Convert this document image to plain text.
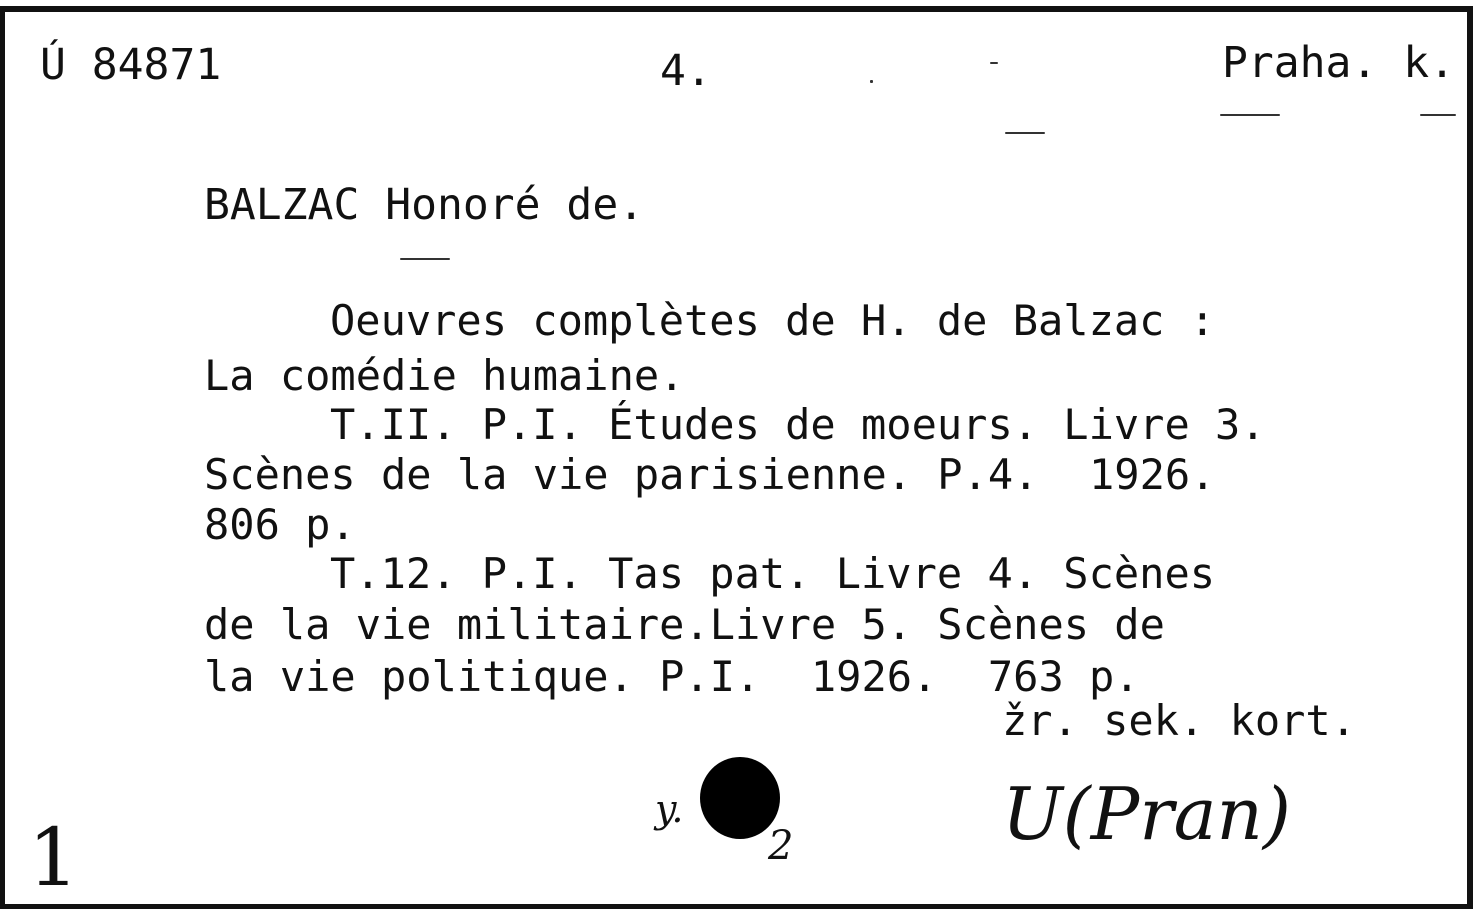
Ú 84871	4.	Praha. k.
BALZAC Honoré de.
Oeuvres complètes de H. de Balzac :
La comédie humaine.
T.II. P.I. Études de moeurs. Livre 3.
Scènes de la vie parisienne. P.4.  1926.
806 p.
T.12. P.I. Tas pat. Livre 4. Scènes
de la vie militaire.Livre 5. Scènes de
la vie politique. P.I.  1926.  763 p.
žr. sek. kort.
y.
2	U(Pran)
1
